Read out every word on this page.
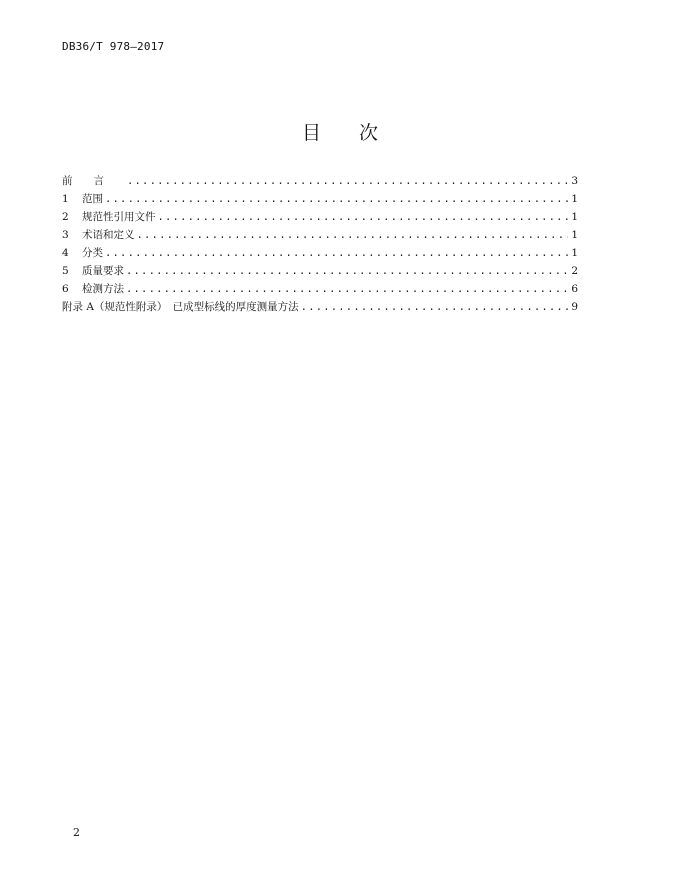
DB36/T 978—2017
目 次
前言 .....	3
1	范围 .....	1
2	规范性引用文件 .....	1
3	术语和定义 .....	1
4	分类 .....	1
5	质量要求 .....	2
6	检测方法 .....	6
附录 A（规范性附录）　已成型标线的厚度测量方法 .....	9
2
